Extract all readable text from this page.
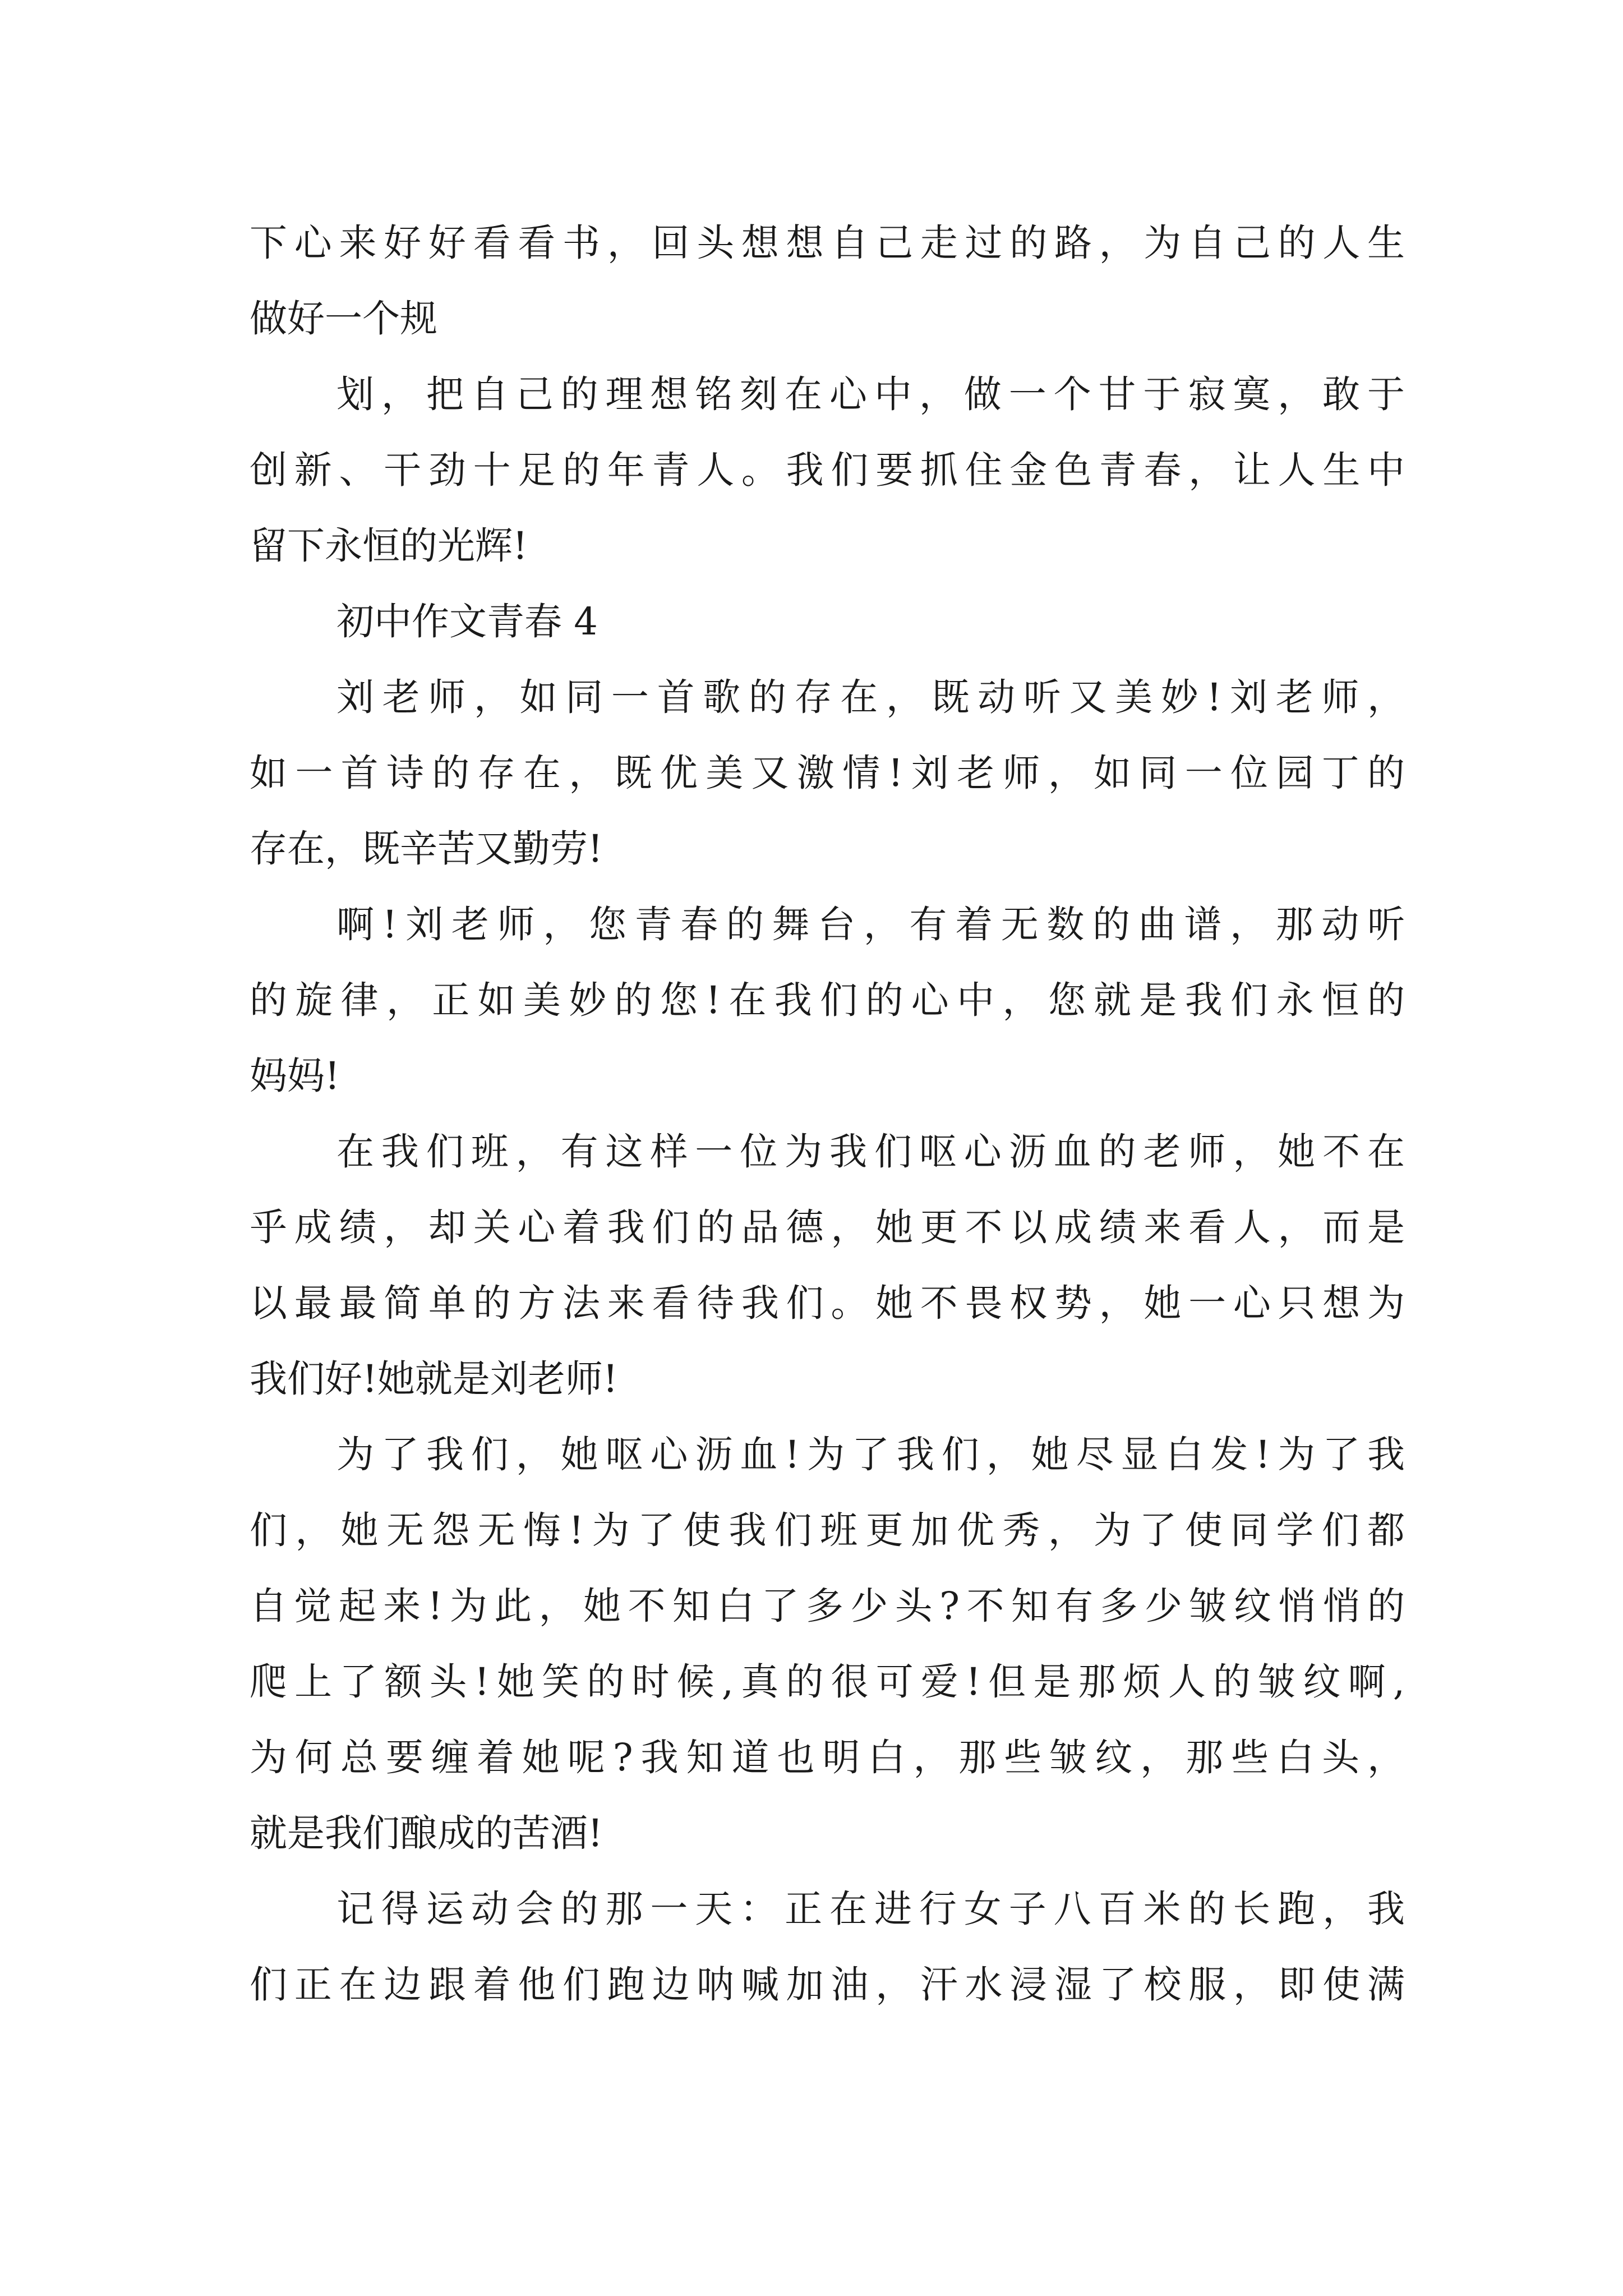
下心来好好看看书，回头想想自己走过的路，为自己的人生

做好一个规

划，把自己的理想铭刻在心中，做一个甘于寂寞，敢于

创新、干劲十足的年青人。我们要抓住金色青春，让人生中

留下永恒的光辉!

初中作文青春 4

刘老师，如同一首歌的存在，既动听又美妙!刘老师，

如一首诗的存在，既优美又激情!刘老师，如同一位园丁的

存在，既辛苦又勤劳!

啊!刘老师，您青春的舞台，有着无数的曲谱，那动听

的旋律，正如美妙的您!在我们的心中，您就是我们永恒的

妈妈!

在我们班，有这样一位为我们呕心沥血的老师，她不在

乎成绩，却关心着我们的品德，她更不以成绩来看人，而是

以最最简单的方法来看待我们。她不畏权势，她一心只想为

我们好!她就是刘老师!

为了我们，她呕心沥血!为了我们，她尽显白发!为了我

们，她无怨无悔!为了使我们班更加优秀，为了使同学们都

自觉起来!为此，她不知白了多少头?不知有多少皱纹悄悄的

爬上了额头!她笑的时候,真的很可爱!但是那烦人的皱纹啊,

为何总要缠着她呢?我知道也明白，那些皱纹，那些白头，

就是我们酿成的苦酒!

记得运动会的那一天：正在进行女子八百米的长跑，我

们正在边跟着他们跑边呐喊加油，汗水浸湿了校服，即使满
